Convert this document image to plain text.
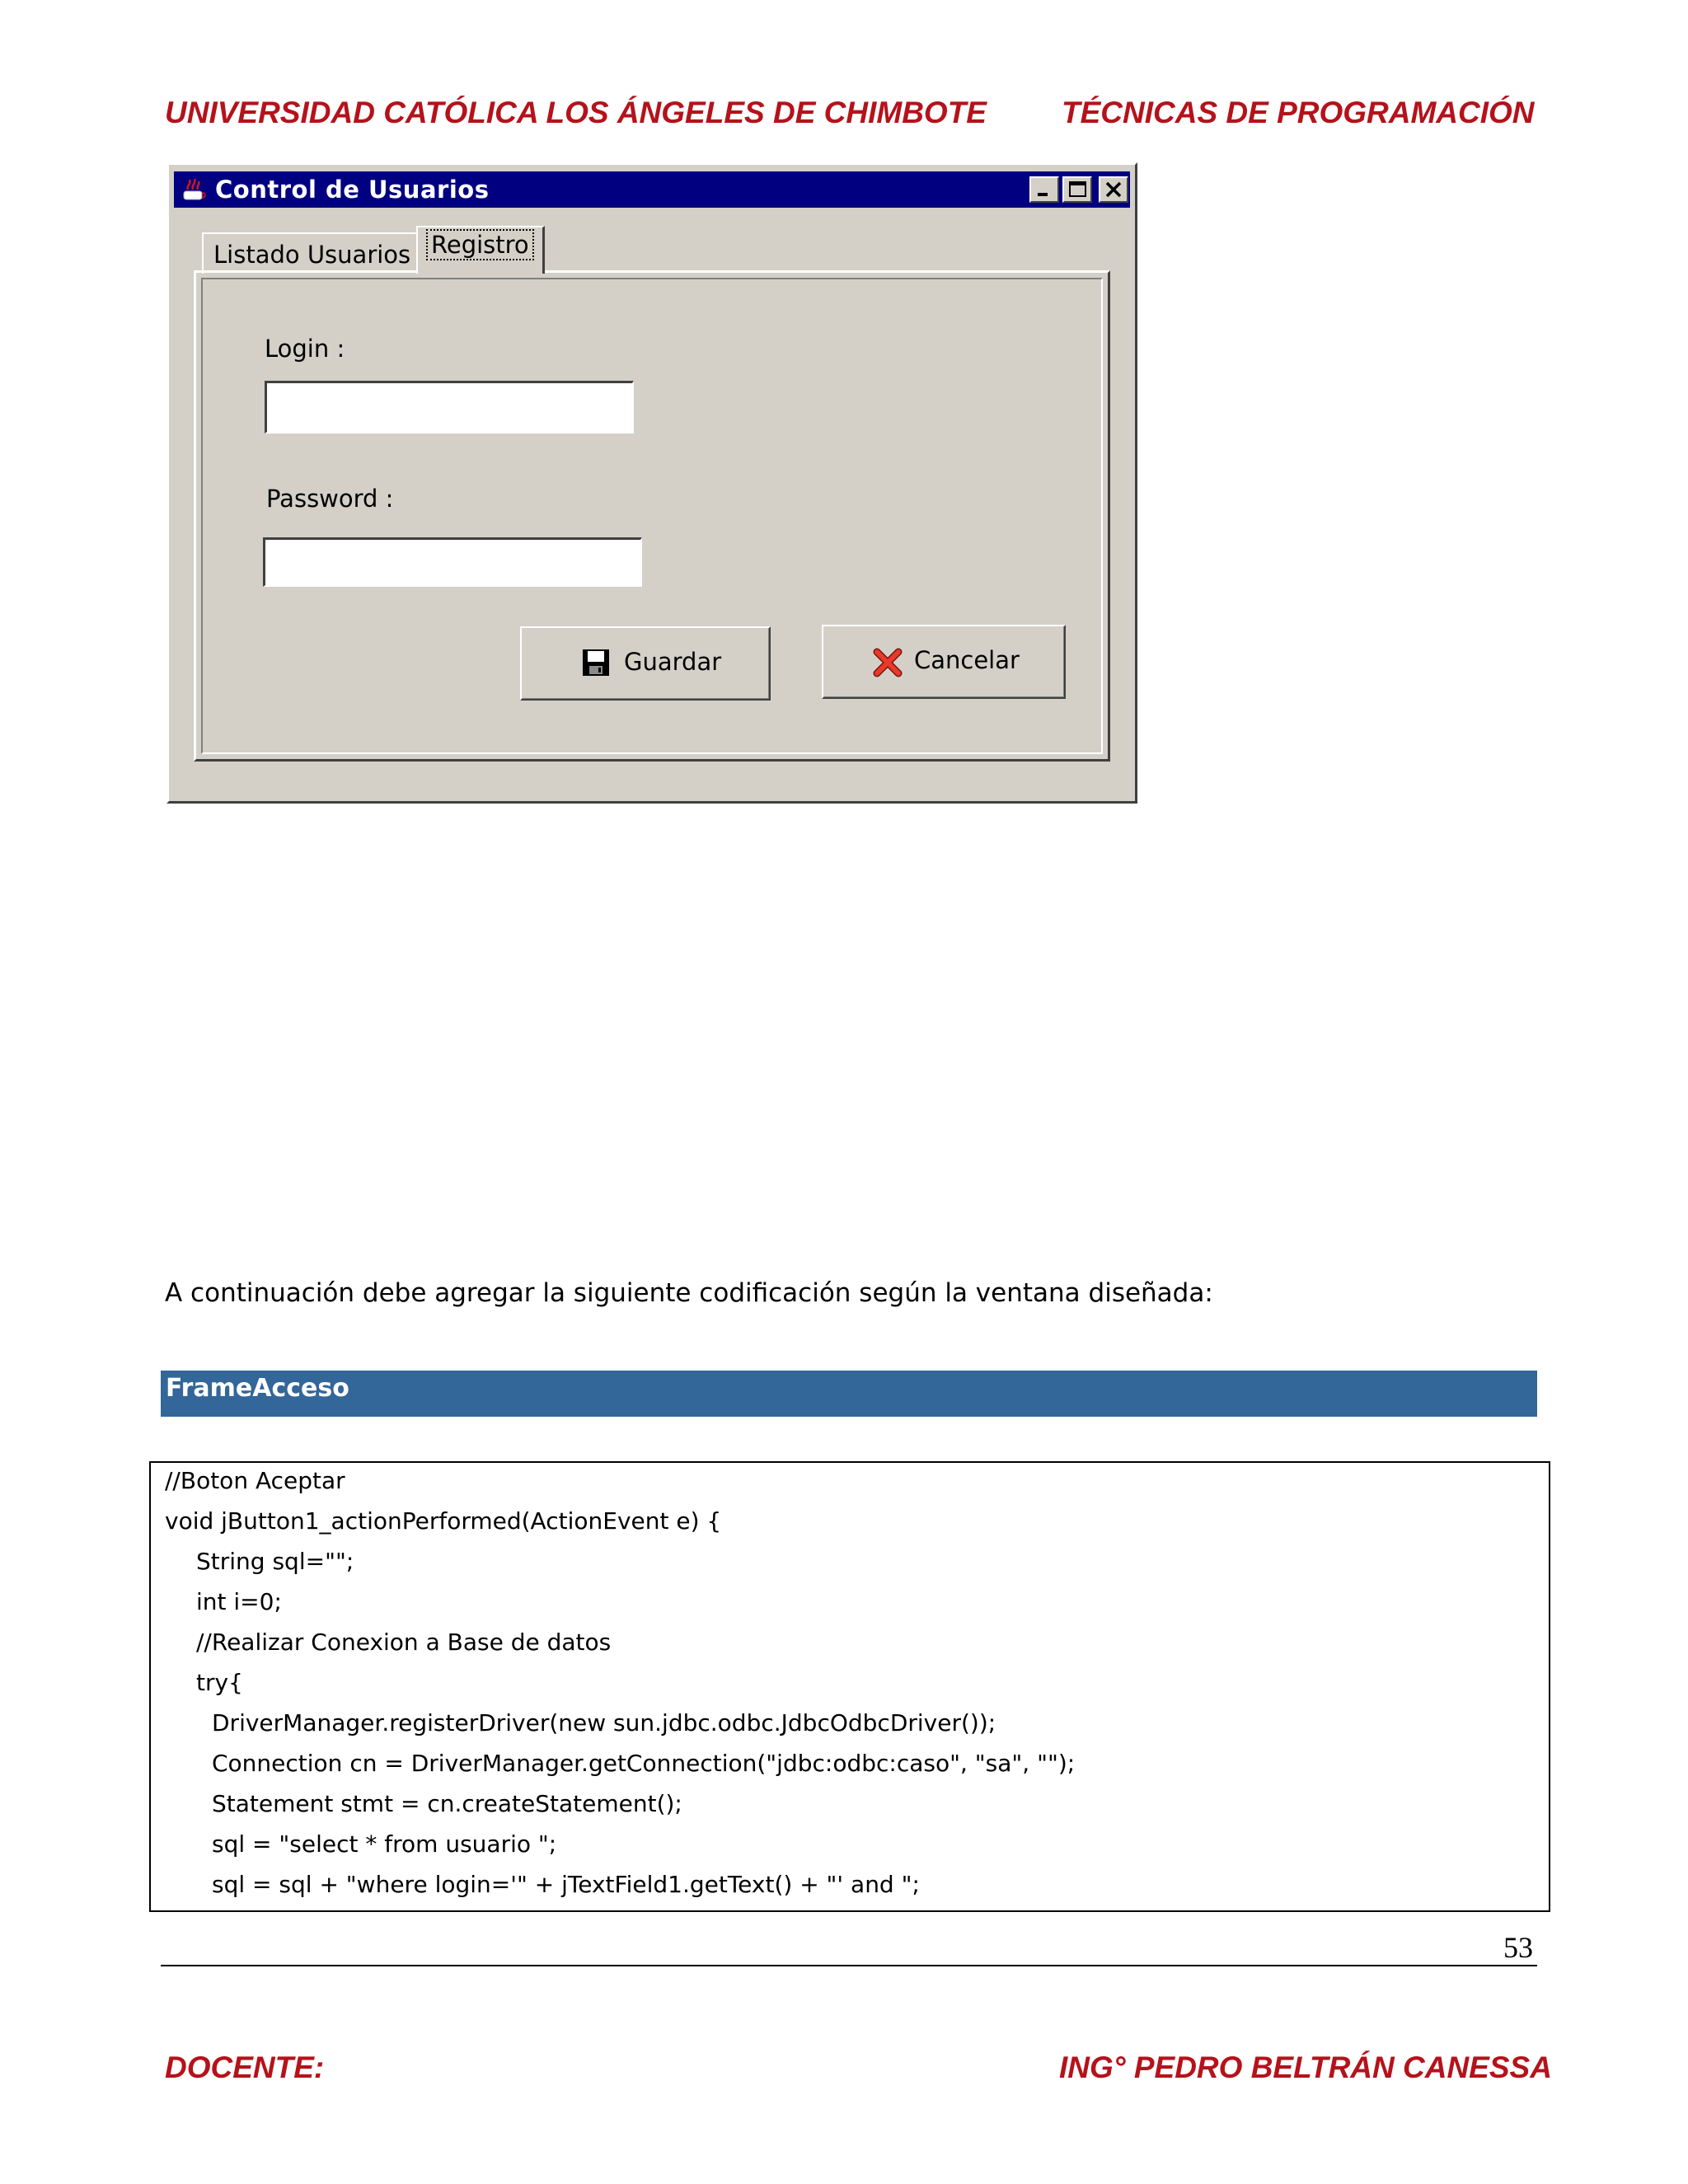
UNIVERSIDAD CATÓLICA LOS ÁNGELES DE CHIMBOTE TÉCNICAS DE PROGRAMACIÓN
Control de Usuarios
Listado Usuarios Registro
Login :
Password :
Guardar	Cancelar
A continuación debe agregar la siguiente codificación según la ventana diseñada:
FrameAcceso
//Boton Aceptar
void jButton1_actionPerformed(ActionEvent e) {
String sql="";
int i=0;
//Realizar Conexion a Base de datos
try{
DriverManager.registerDriver(new sun.jdbc.odbc.JdbcOdbcDriver());
Connection cn = DriverManager.getConnection("jdbc:odbc:caso", "sa", "");
Statement stmt = cn.createStatement();
sql = "select * from usuario ";
sql = sql + "where login='" + jTextField1.getText() + "' and ";
53
DOCENTE:	ING° PEDRO BELTRÁN CANESSA
